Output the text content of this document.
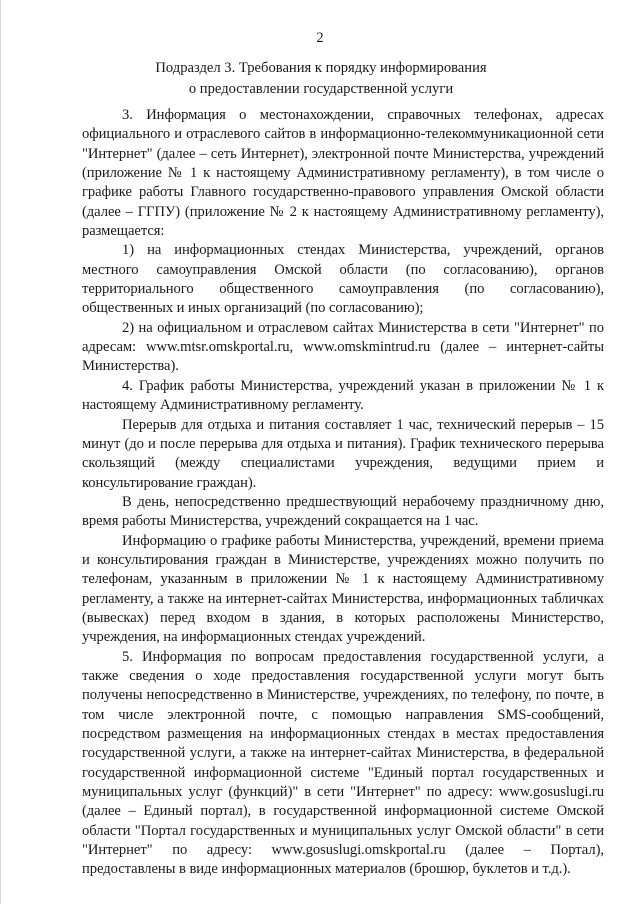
2
Подраздел 3. Требования к порядку информирования
о предоставлении государственной услуги

3. Информация о местонахождении, справочных телефонах, адресах официального и отраслевого сайтов в информационно-телекоммуникационной сети "Интернет" (далее – сеть Интернет), электронной почте Министерства, учреждений (приложение № 1 к настоящему Административному регламенту), в том числе о графике работы Главного государственно-правового управления Омской области (далее – ГГПУ) (приложение № 2 к настоящему Административному регламенту), размещается:

1) на информационных стендах Министерства, учреждений, органов местного самоуправления Омской области (по согласованию), органов территориального общественного самоуправления (по согласованию), общественных и иных организаций (по согласованию);

2) на официальном и отраслевом сайтах Министерства в сети "Интернет" по адресам: www.mtsr.omskportal.ru, www.omskmintrud.ru (далее – интернет-сайты Министерства).

4. График работы Министерства, учреждений указан в приложении № 1 к настоящему Административному регламенту.

Перерыв для отдыха и питания составляет 1 час, технический перерыв – 15 минут (до и после перерыва для отдыха и питания). График технического перерыва скользящий (между специалистами учреждения, ведущими прием и консультирование граждан).

В день, непосредственно предшествующий нерабочему праздничному дню, время работы Министерства, учреждений сокращается на 1 час.

Информацию о графике работы Министерства, учреждений, времени приема и консультирования граждан в Министерстве, учреждениях можно получить по телефонам, указанным в приложении № 1 к настоящему Административному регламенту, а также на интернет-сайтах Министерства, информационных табличках (вывесках) перед входом в здания, в которых расположены Министерство, учреждения, на информационных стендах учреждений.

5. Информация по вопросам предоставления государственной услуги, а также сведения о ходе предоставления государственной услуги могут быть получены непосредственно в Министерстве, учреждениях, по телефону, по почте, в том числе электронной почте, с помощью направления SMS-сообщений, посредством размещения на информационных стендах в местах предоставления государственной услуги, а также на интернет-сайтах Министерства, в федеральной государственной информационной системе "Единый портал государственных и муниципальных услуг (функций)" в сети "Интернет" по адресу: www.gosuslugi.ru (далее – Единый портал), в государственной информационной системе Омской области "Портал государственных и муниципальных услуг Омской области" в сети "Интернет" по адресу: www.gosuslugi.omskportal.ru (далее – Портал), предоставлены в виде информационных материалов (брошюр, буклетов и т.д.).
